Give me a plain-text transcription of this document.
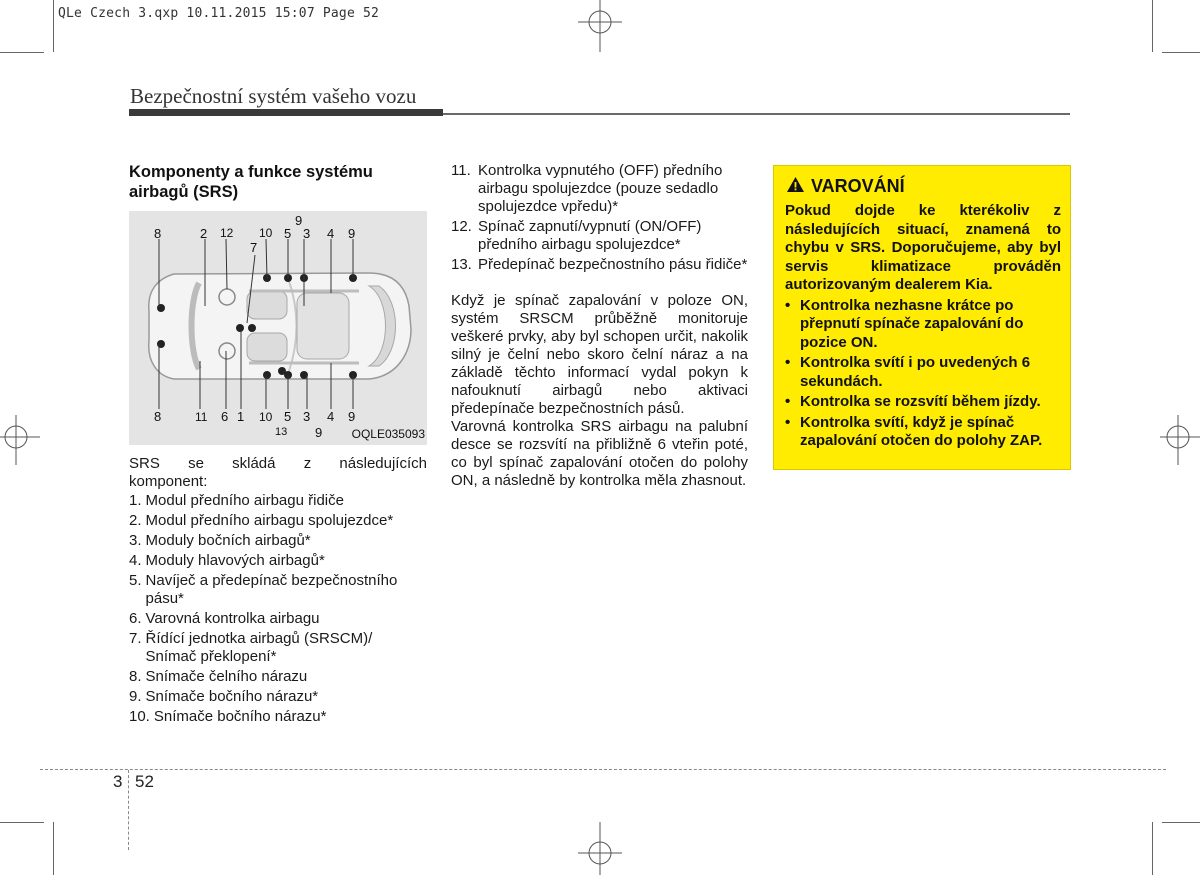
QLe Czech 3.qxp 10.11.2015 15:07 Page 52
Bezpečnostní systém vašeho vozu
Komponenty a funkce systému
airbagů (SRS)
8	2 12 10 5 3 4 9
9
7
8	11 6 1 10 5 3 4 9
13 9 OQLE035093
SRS se skládá z následujících
komponent:
1. Modul předního airbagu řidiče
2. Modul předního airbagu spolujezdce*
3. Moduly bočních airbagů*
4. Moduly hlavových airbagů*
5. Navíječ a předepínač bezpečnostního pásu*
6. Varovná kontrolka airbagu
7. Řídící jednotka airbagů (SRSCM)/ Snímač překlopení*
8. Snímače čelního nárazu
9. Snímače bočního nárazu*
10. Snímače bočního nárazu*
11. Kontrolka vypnutého (OFF) předního airbagu spolujezdce (pouze sedadlo spolujezdce vpředu)*
12. Spínač zapnutí/vypnutí (ON/OFF) předního airbagu spolujezdce*
13. Předepínač bezpečnostního pásu řidiče*
Když je spínač zapalování v poloze ON, systém SRSCM průběžně monitoruje veškeré prvky, aby byl schopen určit, nakolik silný je čelní nebo skoro čelní náraz a na základě těchto informací vydal pokyn k nafouknutí airbagů nebo aktivaci předepínače bezpečnostních pásů.
Varovná kontrolka SRS airbagu na palubní desce se rozsvítí na přibližně 6 vteřin poté, co byl spínač zapalování otočen do polohy ON, a následně by kontrolka měla zhasnout.
VAROVÁNÍ
Pokud dojde ke kterékoliv z následujících situací, znamená to chybu v SRS. Doporučujeme, aby byl servis klimatizace prováděn autorizovaným dealerem Kia.
• Kontrolka nezhasne krátce po přepnutí spínače zapalování do pozice ON.
• Kontrolka svítí i po uvedených 6 sekundách.
• Kontrolka se rozsvítí během jízdy.
• Kontrolka svítí, když je spínač zapalování otočen do polohy ZAP.
3 52
